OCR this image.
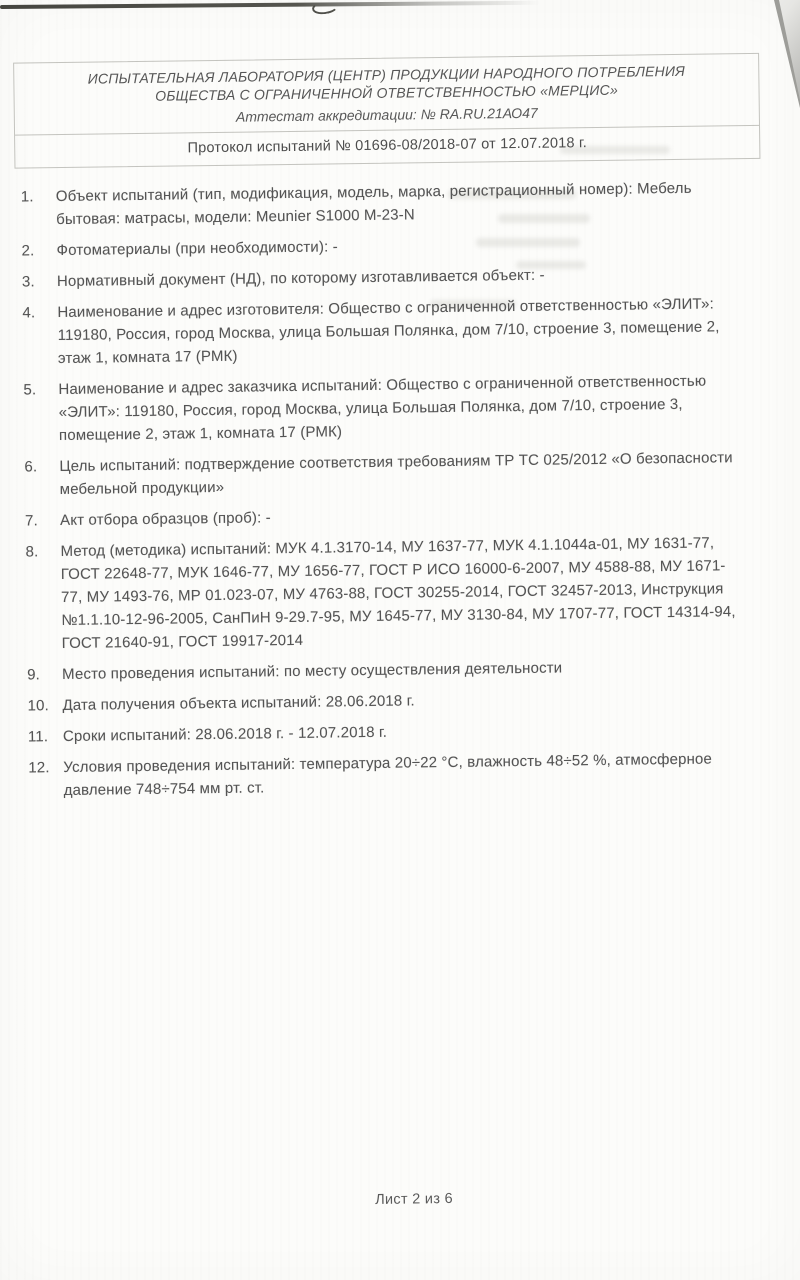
ИСПЫТАТЕЛЬНАЯ ЛАБОРАТОРИЯ (ЦЕНТР) ПРОДУКЦИИ НАРОДНОГО ПОТРЕБЛЕНИЯ
ОБЩЕСТВА С ОГРАНИЧЕННОЙ ОТВЕТСТВЕННОСТЬЮ «МЕРЦИС»
Аттестат аккредитации: № RA.RU.21АО47
Протокол испытаний № 01696-08/2018-07 от 12.07.2018 г.
1.	Объект испытаний (тип, модификация, модель, марка, регистрационный номер): Мебель бытовая: матрасы, модели: Meunier S1000 M-23-N
2.	Фотоматериалы (при необходимости): -
3.	Нормативный документ (НД), по которому изготавливается объект: -
4.	Наименование и адрес изготовителя: Общество с ограниченной ответственностью «ЭЛИТ»: 119180, Россия, город Москва, улица Большая Полянка, дом 7/10, строение 3, помещение 2, этаж 1, комната 17 (РМК)
5.	Наименование и адрес заказчика испытаний: Общество с ограниченной ответственностью «ЭЛИТ»: 119180, Россия, город Москва, улица Большая Полянка, дом 7/10, строение 3, помещение 2, этаж 1, комната 17 (РМК)
6.	Цель испытаний: подтверждение соответствия требованиям ТР ТС 025/2012 «О безопасности мебельной продукции»
7.	Акт отбора образцов (проб): -
8.	Метод (методика) испытаний: МУК 4.1.3170-14, МУ 1637-77, МУК 4.1.1044а-01, МУ 1631-77, ГОСТ 22648-77, МУК 1646-77, МУ 1656-77, ГОСТ Р ИСО 16000-6-2007, МУ 4588-88, МУ 1671-77, МУ 1493-76, МР 01.023-07, МУ 4763-88, ГОСТ 30255-2014, ГОСТ 32457-2013, Инструкция №1.1.10-12-96-2005, СанПиН 9-29.7-95, МУ 1645-77, МУ 3130-84, МУ 1707-77, ГОСТ 14314-94, ГОСТ 21640-91, ГОСТ 19917-2014
9.	Место проведения испытаний: по месту осуществления деятельности
10. Дата получения объекта испытаний: 28.06.2018 г.
11. Сроки испытаний: 28.06.2018 г. - 12.07.2018 г.
12. Условия проведения испытаний: температура 20÷22 °С, влажность 48÷52 %, атмосферное давление 748÷754 мм рт. ст.
Лист 2 из 6
